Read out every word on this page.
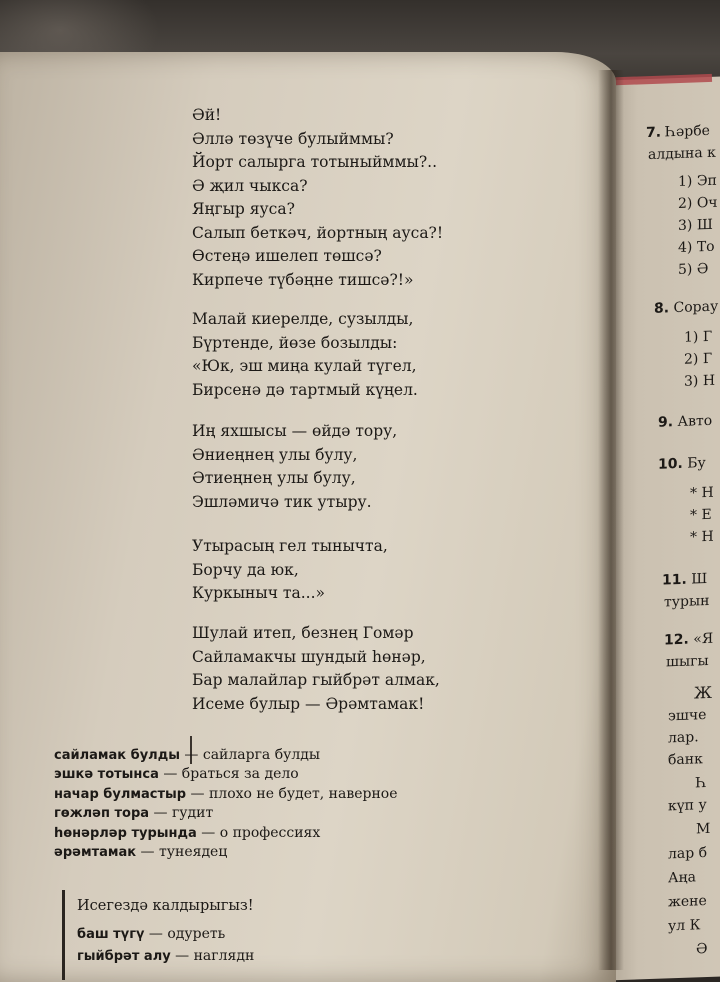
7. Һәрбе
алдына к
1) Эп
2) Оч
3) Ш
4) То
5) Ә
8. Сорау
1) Г
2) Г
3) Н
9. Авто
10. Бу
* Н
* Е
* Н
11. Ш
турын
12. «Я
шыгы
Ж
эшче
лар.
банк
Һ
күп у
М
лар б
Аңа
жене
ул К
Ә
Әй!
Әллә төзүче булыйммы?
Йорт салырга тотыныйммы?..
Ә җил чыкса?
Яңгыр яуса?
Салып беткәч, йортның ауса?!
Өстеңә ишелеп төшсә?
Кирпече түбәңне тишсә?!»
Малай киерелде, сузылды,
Бүртенде, йөзе бозылды:
«Юк, эш миңа кулай түгел,
Бирсенә дә тартмый күңел.
Иң яхшысы — өйдә тору,
Әниеңнең улы булу,
Әтиеңнең улы булу,
Эшләмичә тик утыру.
Утырасың гел тынычта,
Борчу да юк,
Куркыныч та...»
Шулай итеп, безнең Гомәр
Сайламакчы шундый һөнәр,
Бар малайлар гыйбрәт алмак,
Исеме булыр — Әрәмтамак!
сайламак булды — сайларга булды
эшкә тотынса — браться за дело
начар булмастыр — плохо не будет, наверное
гөжләп тора — гудит
һөнәрләр турында — о профессиях
әрәмтамак — тунеядец
Исегездә калдырыгыз!
баш түгү — одуреть
гыйбрәт алу — наглядн
